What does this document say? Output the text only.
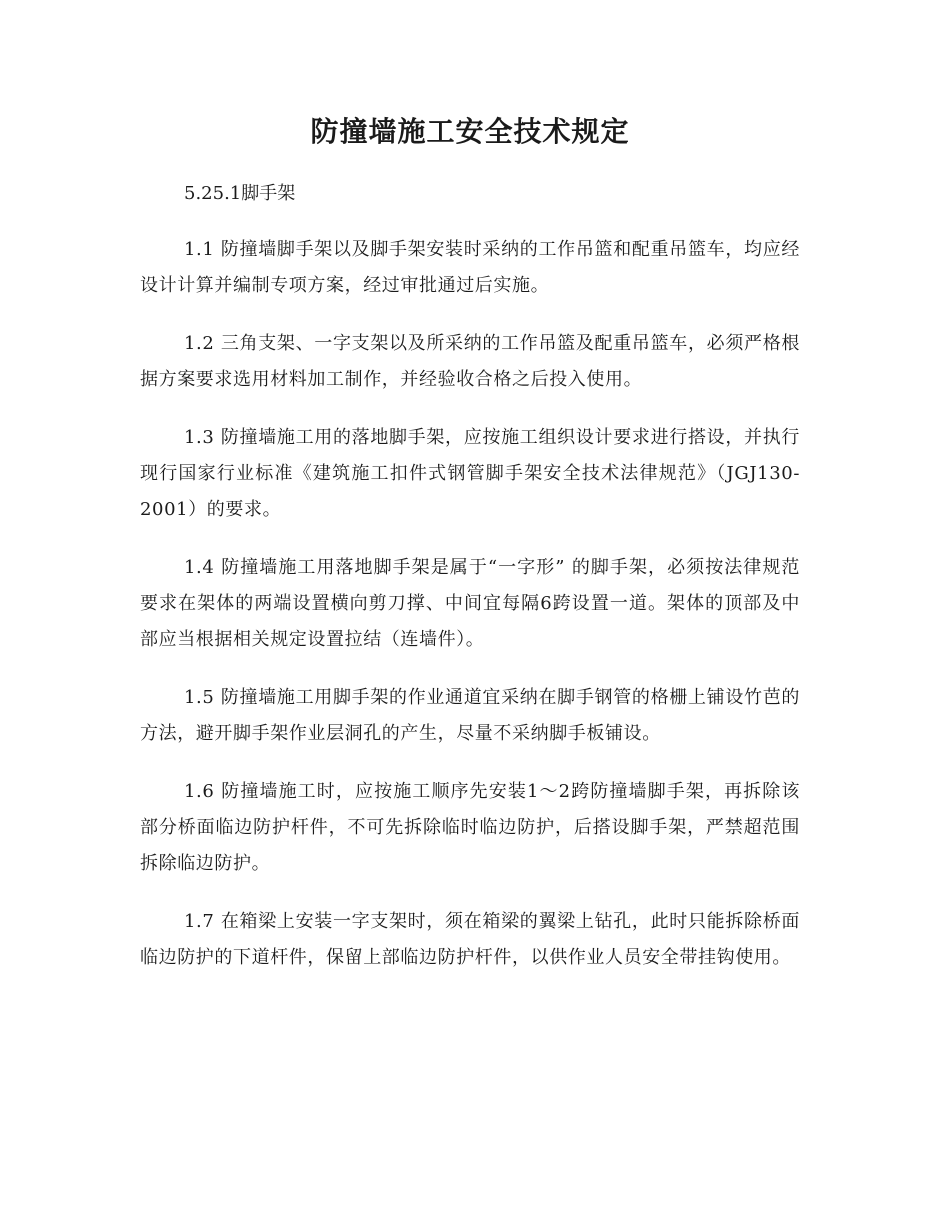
防撞墙施工安全技术规定

5.25.1脚手架

1.1 防撞墙脚手架以及脚手架安装时采纳的工作吊篮和配重吊篮车，均应经设计计算并编制专项方案，经过审批通过后实施。

1.2 三角支架、一字支架以及所采纳的工作吊篮及配重吊篮车，必须严格根据方案要求选用材料加工制作，并经验收合格之后投入使用。

1.3 防撞墙施工用的落地脚手架，应按施工组织设计要求进行搭设，并执行现行国家行业标准《建筑施工扣件式钢管脚手架安全技术法律规范》（JGJ130-2001）的要求。

1.4 防撞墙施工用落地脚手架是属于“一字形” 的脚手架，必须按法律规范要求在架体的两端设置横向剪刀撑、中间宜每隔6跨设置一道。架体的顶部及中部应当根据相关规定设置拉结（连墙件）。

1.5 防撞墙施工用脚手架的作业通道宜采纳在脚手钢管的格栅上铺设竹芭的方法，避开脚手架作业层洞孔的产生，尽量不采纳脚手板铺设。

1.6 防撞墙施工时，应按施工顺序先安装1～2跨防撞墙脚手架，再拆除该部分桥面临边防护杆件，不可先拆除临时临边防护，后搭设脚手架，严禁超范围拆除临边防护。

1.7 在箱梁上安装一字支架时，须在箱梁的翼梁上钻孔，此时只能拆除桥面临边防护的下道杆件，保留上部临边防护杆件，以供作业人员安全带挂钩使用。
